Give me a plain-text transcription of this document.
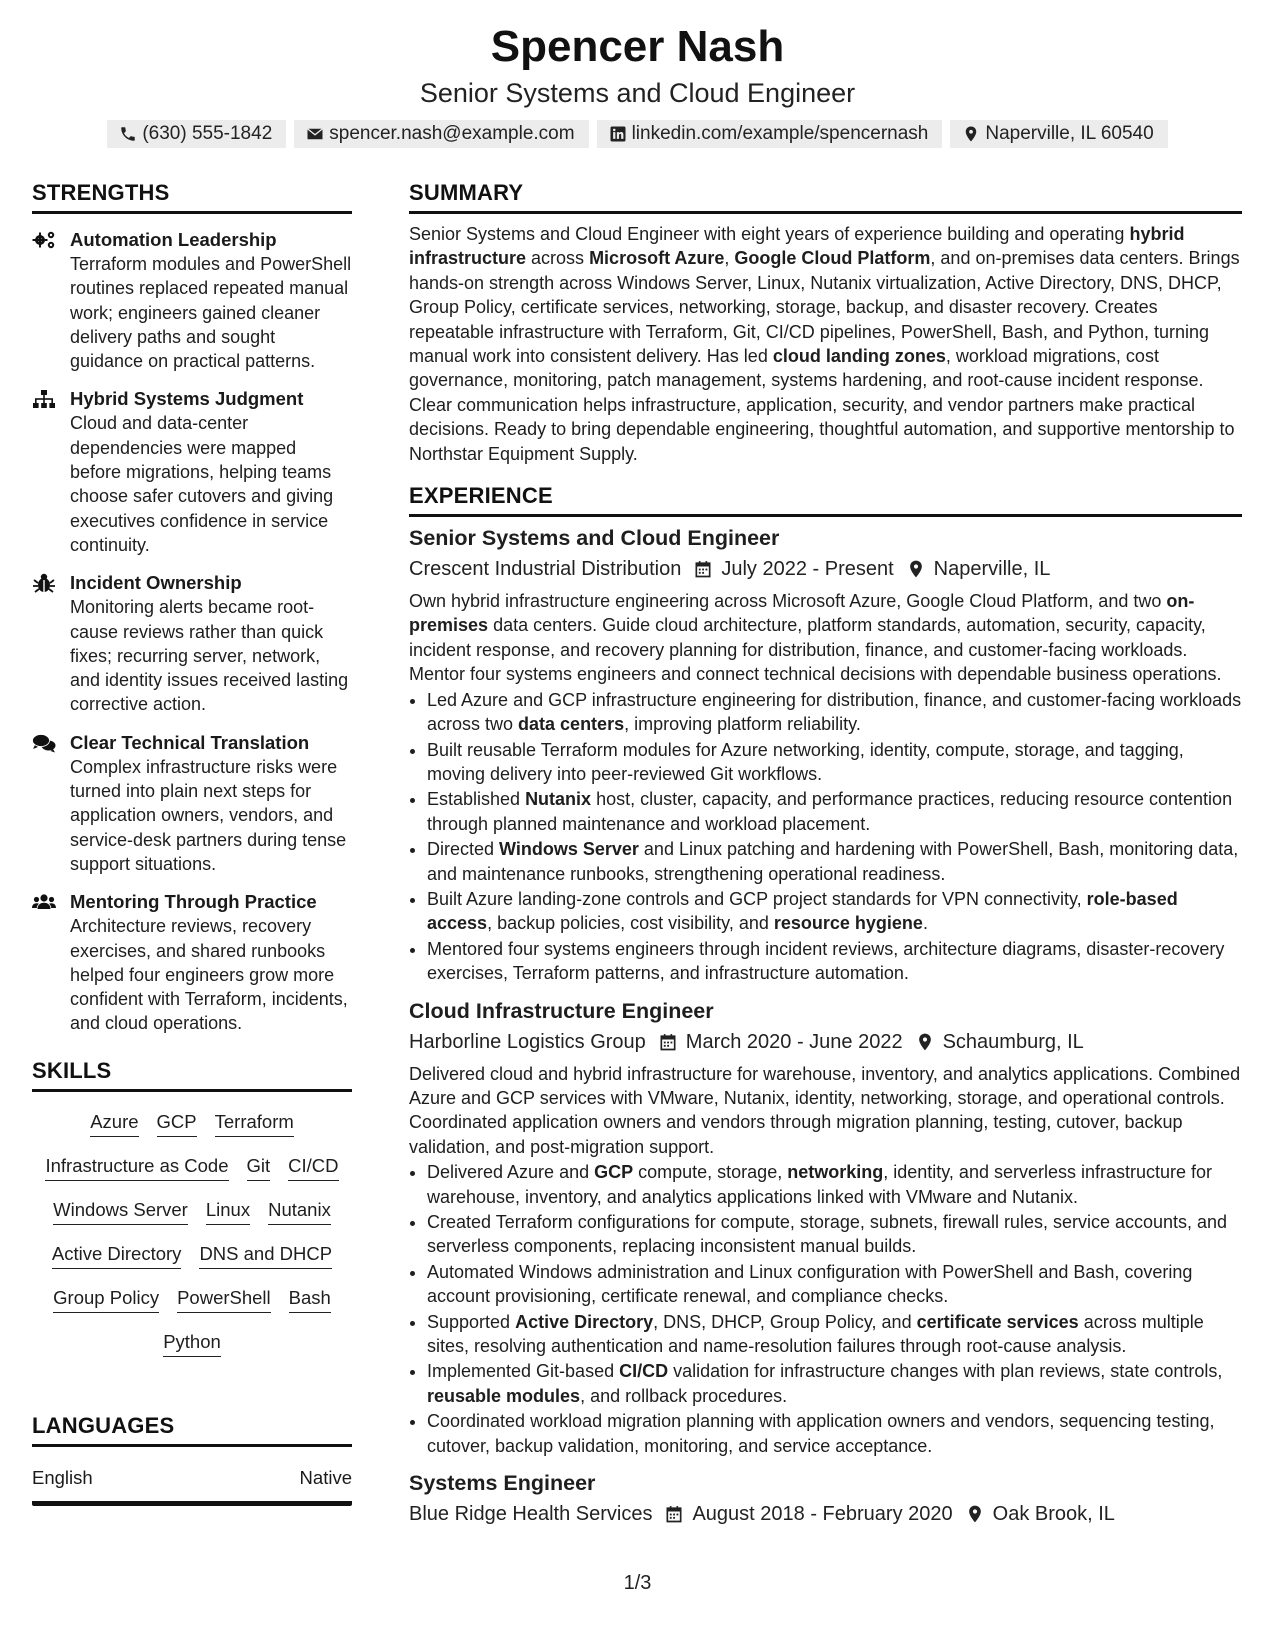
Spencer Nash
Senior Systems and Cloud Engineer
(630) 555-1842	spencer.nash@example.com	linkedin.com/example/spencernash	Naperville, IL 60540
STRENGTHS
Automation Leadership
Terraform modules and PowerShell routines replaced repeated manual work; engineers gained cleaner delivery paths and sought guidance on practical patterns.
Hybrid Systems Judgment
Cloud and data-center dependencies were mapped before migrations, helping teams choose safer cutovers and giving executives confidence in service continuity.
Incident Ownership
Monitoring alerts became root-cause reviews rather than quick fixes; recurring server, network, and identity issues received lasting corrective action.
Clear Technical Translation
Complex infrastructure risks were turned into plain next steps for application owners, vendors, and service-desk partners during tense support situations.
Mentoring Through Practice
Architecture reviews, recovery exercises, and shared runbooks helped four engineers grow more confident with Terraform, incidents, and cloud operations.
SKILLS
Azure GCP Terraform
Infrastructure as Code Git CI/CD
Windows Server Linux Nutanix
Active Directory DNS and DHCP
Group Policy PowerShell Bash
Python
LANGUAGES
English	Native
SUMMARY
Senior Systems and Cloud Engineer with eight years of experience building and operating hybrid infrastructure across Microsoft Azure, Google Cloud Platform, and on-premises data centers. Brings hands-on strength across Windows Server, Linux, Nutanix virtualization, Active Directory, DNS, DHCP, Group Policy, certificate services, networking, storage, backup, and disaster recovery. Creates repeatable infrastructure with Terraform, Git, CI/CD pipelines, PowerShell, Bash, and Python, turning manual work into consistent delivery. Has led cloud landing zones, workload migrations, cost governance, monitoring, patch management, systems hardening, and root-cause incident response. Clear communication helps infrastructure, application, security, and vendor partners make practical decisions. Ready to bring dependable engineering, thoughtful automation, and supportive mentorship to Northstar Equipment Supply.
EXPERIENCE
Senior Systems and Cloud Engineer
Crescent Industrial Distribution July 2022 - Present Naperville, IL
Own hybrid infrastructure engineering across Microsoft Azure, Google Cloud Platform, and two on-premises data centers. Guide cloud architecture, platform standards, automation, security, capacity, incident response, and recovery planning for distribution, finance, and customer-facing workloads. Mentor four systems engineers and connect technical decisions with dependable business operations.
• Led Azure and GCP infrastructure engineering for distribution, finance, and customer-facing workloads across two data centers, improving platform reliability.
• Built reusable Terraform modules for Azure networking, identity, compute, storage, and tagging, moving delivery into peer-reviewed Git workflows.
• Established Nutanix host, cluster, capacity, and performance practices, reducing resource contention through planned maintenance and workload placement.
• Directed Windows Server and Linux patching and hardening with PowerShell, Bash, monitoring data, and maintenance runbooks, strengthening operational readiness.
• Built Azure landing-zone controls and GCP project standards for VPN connectivity, role-based access, backup policies, cost visibility, and resource hygiene.
• Mentored four systems engineers through incident reviews, architecture diagrams, disaster-recovery exercises, Terraform patterns, and infrastructure automation.
Cloud Infrastructure Engineer
Harborline Logistics Group March 2020 - June 2022 Schaumburg, IL
Delivered cloud and hybrid infrastructure for warehouse, inventory, and analytics applications. Combined Azure and GCP services with VMware, Nutanix, identity, networking, storage, and operational controls. Coordinated application owners and vendors through migration planning, testing, cutover, backup validation, and post-migration support.
• Delivered Azure and GCP compute, storage, networking, identity, and serverless infrastructure for warehouse, inventory, and analytics applications linked with VMware and Nutanix.
• Created Terraform configurations for compute, storage, subnets, firewall rules, service accounts, and serverless components, replacing inconsistent manual builds.
• Automated Windows administration and Linux configuration with PowerShell and Bash, covering account provisioning, certificate renewal, and compliance checks.
• Supported Active Directory, DNS, DHCP, Group Policy, and certificate services across multiple sites, resolving authentication and name-resolution failures through root-cause analysis.
• Implemented Git-based CI/CD validation for infrastructure changes with plan reviews, state controls, reusable modules, and rollback procedures.
• Coordinated workload migration planning with application owners and vendors, sequencing testing, cutover, backup validation, monitoring, and service acceptance.
Systems Engineer
Blue Ridge Health Services August 2018 - February 2020 Oak Brook, IL
1/3
